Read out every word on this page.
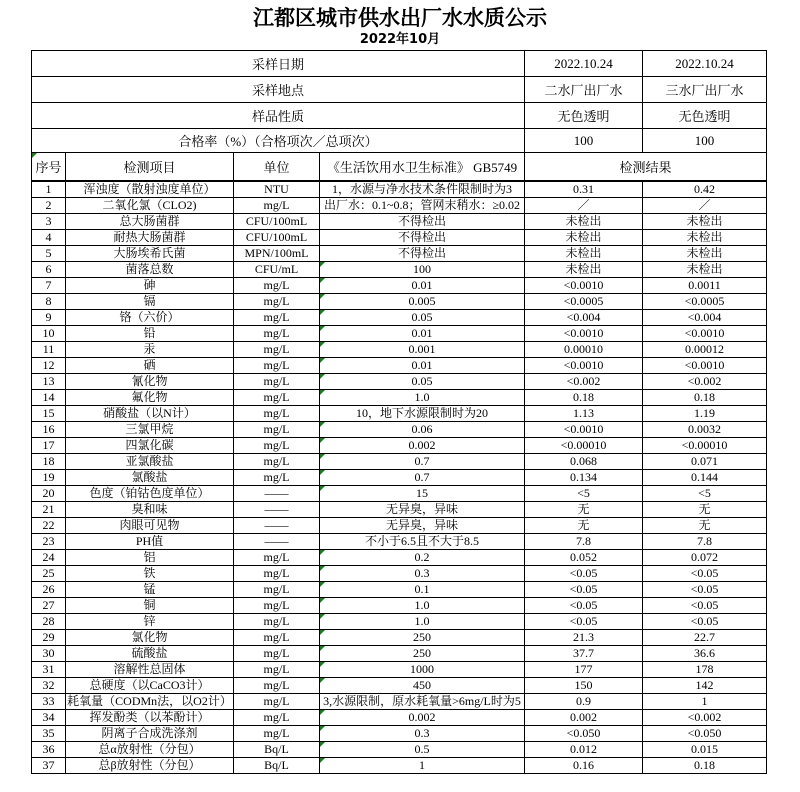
江都区城市供水出厂水水质公示
2022年10月
采样日期				2022.10.24	2022.10.24
采样地点				二水厂出厂水	三水厂出厂水
样品性质				无色透明	无色透明
合格率（%）（合格项次／总项次）				100	100
序号	检测项目	单位	《生活饮用水卫生标准》 GB5749	检测结果	
1	浑浊度（散射浊度单位）	NTU	1，水源与净水技术条件限制时为3	0.31	0.42
2	二氧化氯（CLO2)	mg/L	出厂水：0.1~0.8；管网末稍水：≥0.02	／	／
3	总大肠菌群	CFU/100mL	不得检出	未检出	未检出
4	耐热大肠菌群	CFU/100mL	不得检出	未检出	未检出
5	大肠埃希氏菌	MPN/100mL	不得检出	未检出	未检出
6	菌落总数	CFU/mL	100	未检出	未检出
7	砷	mg/L	0.01	<0.0010	0.0011
8	镉	mg/L	0.005	<0.0005	<0.0005
9	铬（六价）	mg/L	0.05	<0.004	<0.004
10	铅	mg/L	0.01	<0.0010	<0.0010
11	汞	mg/L	0.001	0.00010	0.00012
12	硒	mg/L	0.01	<0.0010	<0.0010
13	氰化物	mg/L	0.05	<0.002	<0.002
14	氟化物	mg/L	1.0	0.18	0.18
15	硝酸盐（以N计）	mg/L	10，地下水源限制时为20	1.13	1.19
16	三氯甲烷	mg/L	0.06	<0.0010	0.0032
17	四氯化碳	mg/L	0.002	<0.00010	<0.00010
18	亚氯酸盐	mg/L	0.7	0.068	0.071
19	氯酸盐	mg/L	0.7	0.134	0.144
20	色度（铂钴色度单位）	——	15	<5	<5
21	臭和味	——	无异臭，异味	无	无
22	肉眼可见物	——	无异臭，异味	无	无
23	PH值	——	不小于6.5且不大于8.5	7.8	7.8
24	铝	mg/L	0.2	0.052	0.072
25	铁	mg/L	0.3	<0.05	<0.05
26	锰	mg/L	0.1	<0.05	<0.05
27	铜	mg/L	1.0	<0.05	<0.05
28	锌	mg/L	1.0	<0.05	<0.05
29	氯化物	mg/L	250	21.3	22.7
30	硫酸盐	mg/L	250	37.7	36.6
31	溶解性总固体	mg/L	1000	177	178
32	总硬度（以CaCO3计）	mg/L	450	150	142
33	耗氧量（CODMn法，以O2计）	mg/L	3,水源限制，原水耗氧量>6mg/L时为5	0.9	1
34	挥发酚类（以苯酚计）	mg/L	0.002	0.002	<0.002
35	阴离子合成洗涤剂	mg/L	0.3	<0.050	<0.050
36	总α放射性（分包）	Bq/L	0.5	0.012	0.015
37	总β放射性（分包）	Bq/L	1	0.16	0.18
